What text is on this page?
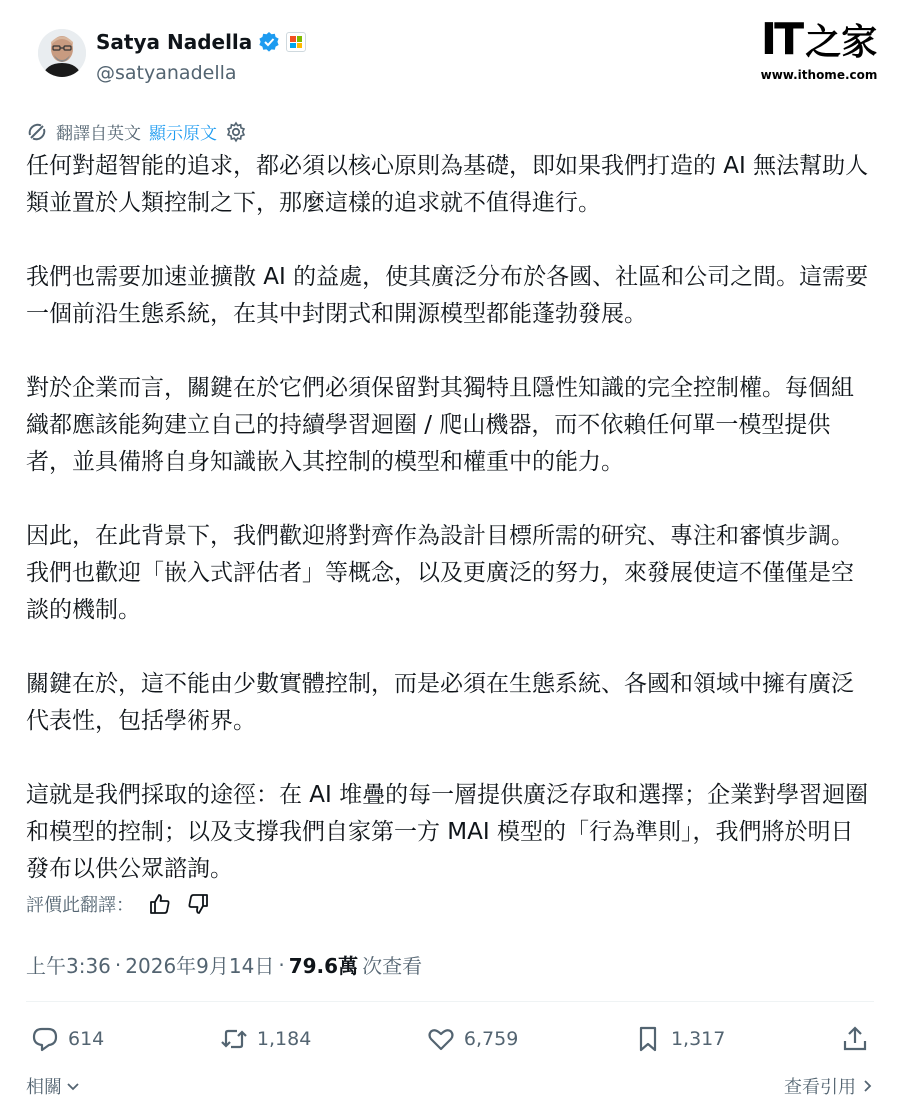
Satya Nadella
@satyanadella
IT 之家
www.ithome.com
翻譯自英文 顯示原文

任何對超智能的追求，都必須以核心原則為基礎，即如果我們打造的 AI 無法幫助人類並置於人類控制之下，那麼這樣的追求就不值得進行。

我們也需要加速並擴散 AI 的益處，使其廣泛分布於各國、社區和公司之間。這需要一個前沿生態系統，在其中封閉式和開源模型都能蓬勃發展。

對於企業而言，關鍵在於它們必須保留對其獨特且隱性知識的完全控制權。每個組織都應該能夠建立自己的持續學習迴圈 / 爬山機器，而不依賴任何單一模型提供者，並具備將自身知識嵌入其控制的模型和權重中的能力。

因此，在此背景下，我們歡迎將對齊作為設計目標所需的研究、專注和審慎步調。我們也歡迎「嵌入式評估者」等概念，以及更廣泛的努力，來發展使這不僅僅是空談的機制。

關鍵在於，這不能由少數實體控制，而是必須在生態系統、各國和領域中擁有廣泛代表性，包括學術界。

這就是我們採取的途徑：在 AI 堆疊的每一層提供廣泛存取和選擇；企業對學習迴圈和模型的控制；以及支撐我們自家第一方 MAI 模型的「行為準則」，我們將於明日發布以供公眾諮詢。

評價此翻譯：
上午3:36 · 2026年9月14日 · 79.6萬 次查看
614	1,184	6,759	1,317
相關	查看引用
